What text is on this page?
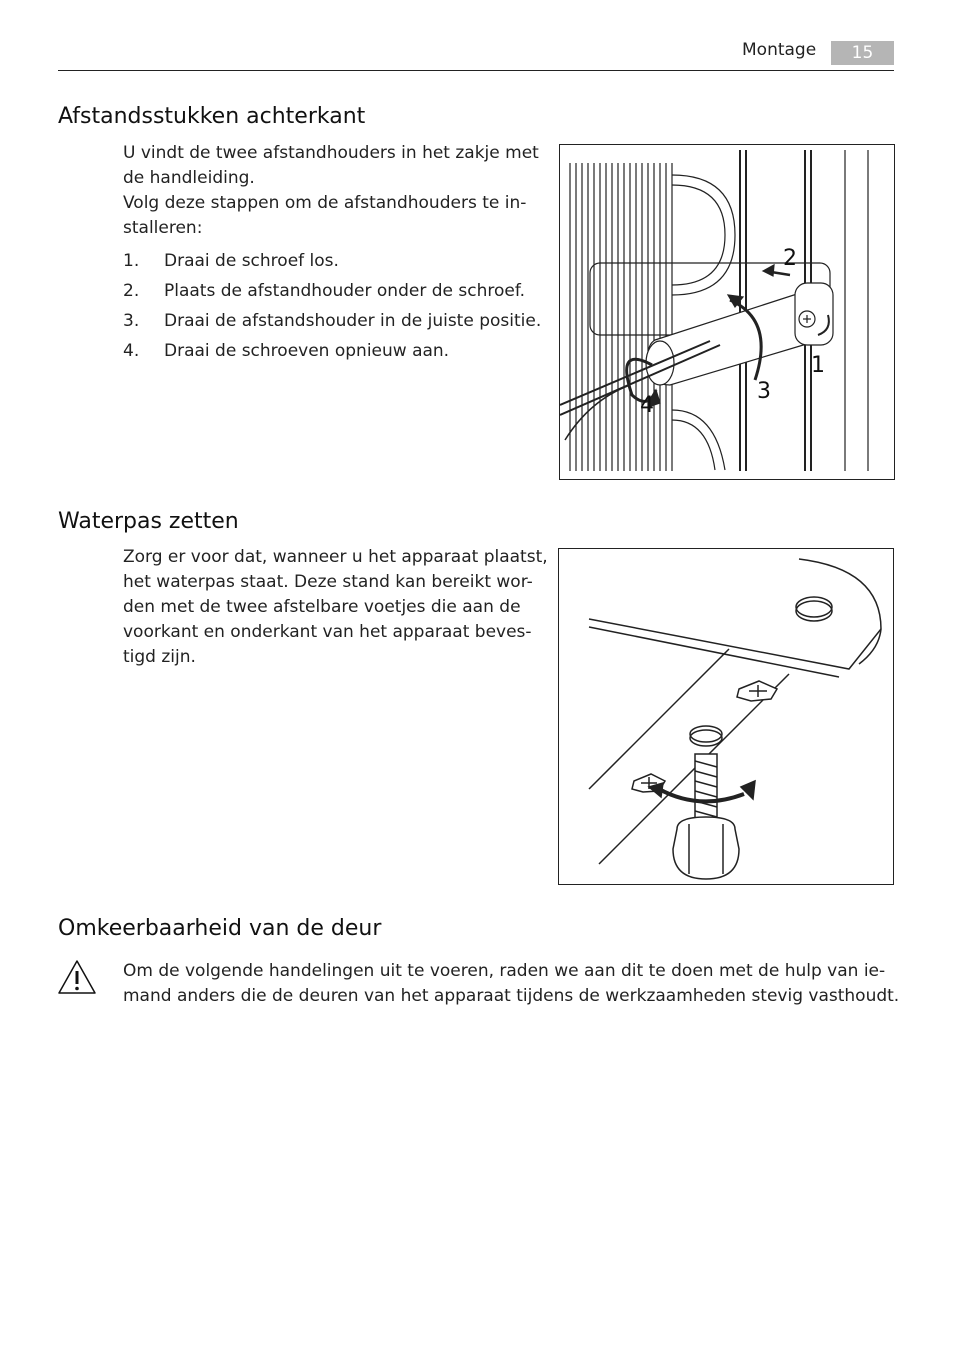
Montage	15
Afstandsstukken achterkant

U vindt de twee afstandhouders in het zakje met

de handleiding.

Volg deze stappen om de afstandhouders te in-

stalleren:

1.	Draai de schroef los.
2.	Plaats de afstandhouder onder de schroef.
3.	Draai de afstandshouder in de juiste positie.
4.	Draai de schroeven opnieuw aan.
1
2
3
4
Waterpas zetten

Zorg er voor dat, wanneer u het apparaat plaatst,

het waterpas staat. Deze stand kan bereikt wor-

den met de twee afstelbare voetjes die aan de

voorkant en onderkant van het apparaat beves-

tigd zijn.

Omkeerbaarheid van de deur

Om de volgende handelingen uit te voeren, raden we aan dit te doen met de hulp van ie-

mand anders die de deuren van het apparaat tijdens de werkzaamheden stevig vasthoudt.
